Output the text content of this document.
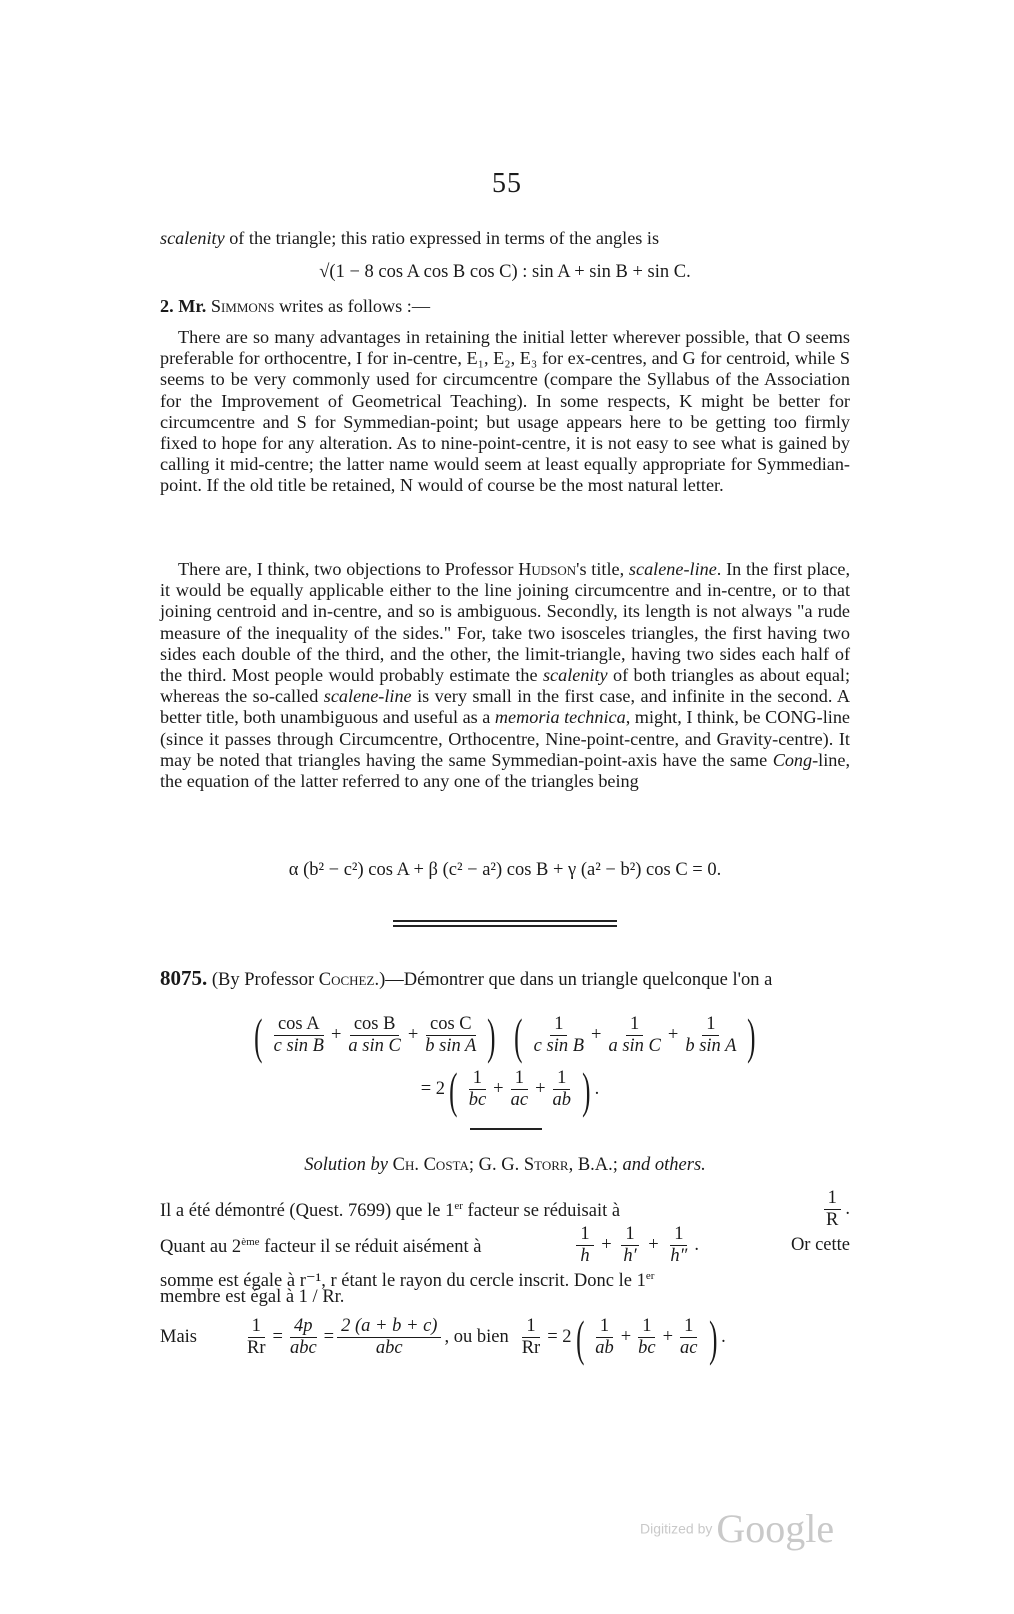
55
scalenity of the triangle; this ratio expressed in terms of the angles is
√(1 − 8 cos A cos B cos C) : sin A + sin B + sin C.
2. Mr. Simmons writes as follows :—
There are so many advantages in retaining the initial letter wherever possible, that O seems preferable for orthocentre, I for in-centre, E₁, E₂, E₃ for ex-centres, and G for centroid, while S seems to be very commonly used for circumcentre (compare the Syllabus of the Association for the Improvement of Geometrical Teaching). In some respects, K might be better for circumcentre and S for Symmedian-point; but usage appears here to be getting too firmly fixed to hope for any alteration. As to nine-point-centre, it is not easy to see what is gained by calling it mid-centre; the latter name would seem at least equally appropriate for Symmedian-point. If the old title be retained, N would of course be the most natural letter.
There are, I think, two objections to Professor Hudson's title, scalene-line. In the first place, it would be equally applicable either to the line joining circumcentre and in-centre, or to that joining centroid and in-centre, and so is ambiguous. Secondly, its length is not always "a rude measure of the inequality of the sides." For, take two isosceles triangles, the first having two sides each double of the third, and the other, the limit-triangle, having two sides each half of the third. Most people would probably estimate the scalenity of both triangles as about equal; whereas the so-called scalene-line is very small in the first case, and infinite in the second. A better title, both unambiguous and useful as a memoria technica, might, I think, be CONG-line (since it passes through Circumcentre, Orthocentre, Nine-point-centre, and Gravity-centre). It may be noted that triangles having the same Symmedian-point-axis have the same Cong-line, the equation of the latter referred to any one of the triangles being
α (b² − c²) cos A + β (c² − a²) cos B + γ (a² − b²) cos C = 0.
8075. (By Professor Cochez.)—Démontrer que dans un triangle quelconque l'on a
( $\frac{\text{cos A}}{\text{c sin B}} + \frac{\text{cos B}}{\text{a sin C}} + \frac{\text{cos C}}{\text{b sin A}}$ ) ( $\frac{1}{\text{c sin B}} + \frac{1}{\text{a sin C}} + \frac{1}{\text{b sin A}}$ )
= 2 ( $\frac{1}{bc} + \frac{1}{ac} + \frac{1}{ab}$ ) .
Solution by Ch. Costa; G. G. Storr, B.A.; and others.
Il a été démontré (Quest. 7699) que le 1er facteur se réduisait à	$\frac{1}{R}$ .
Quant au 2ème facteur il se réduit aisément à	$\frac{1}{h} + \frac{1}{h'} + \frac{1}{h''}$ .	Or cette
somme est égale à r⁻¹, r étant le rayon du cercle inscrit. Donc le 1er
membre est égal à 1 / Rr.
Mais	$\frac{1}{Rr} = \frac{4p}{\text{abc}} = \frac{2 (a + b + c)}{\text{abc}}$ , ou bien $\frac{1}{Rr} = 2$ ( $\frac{1}{ab} + \frac{1}{bc} + \frac{1}{ac}$ ) .
Digitized by Google
